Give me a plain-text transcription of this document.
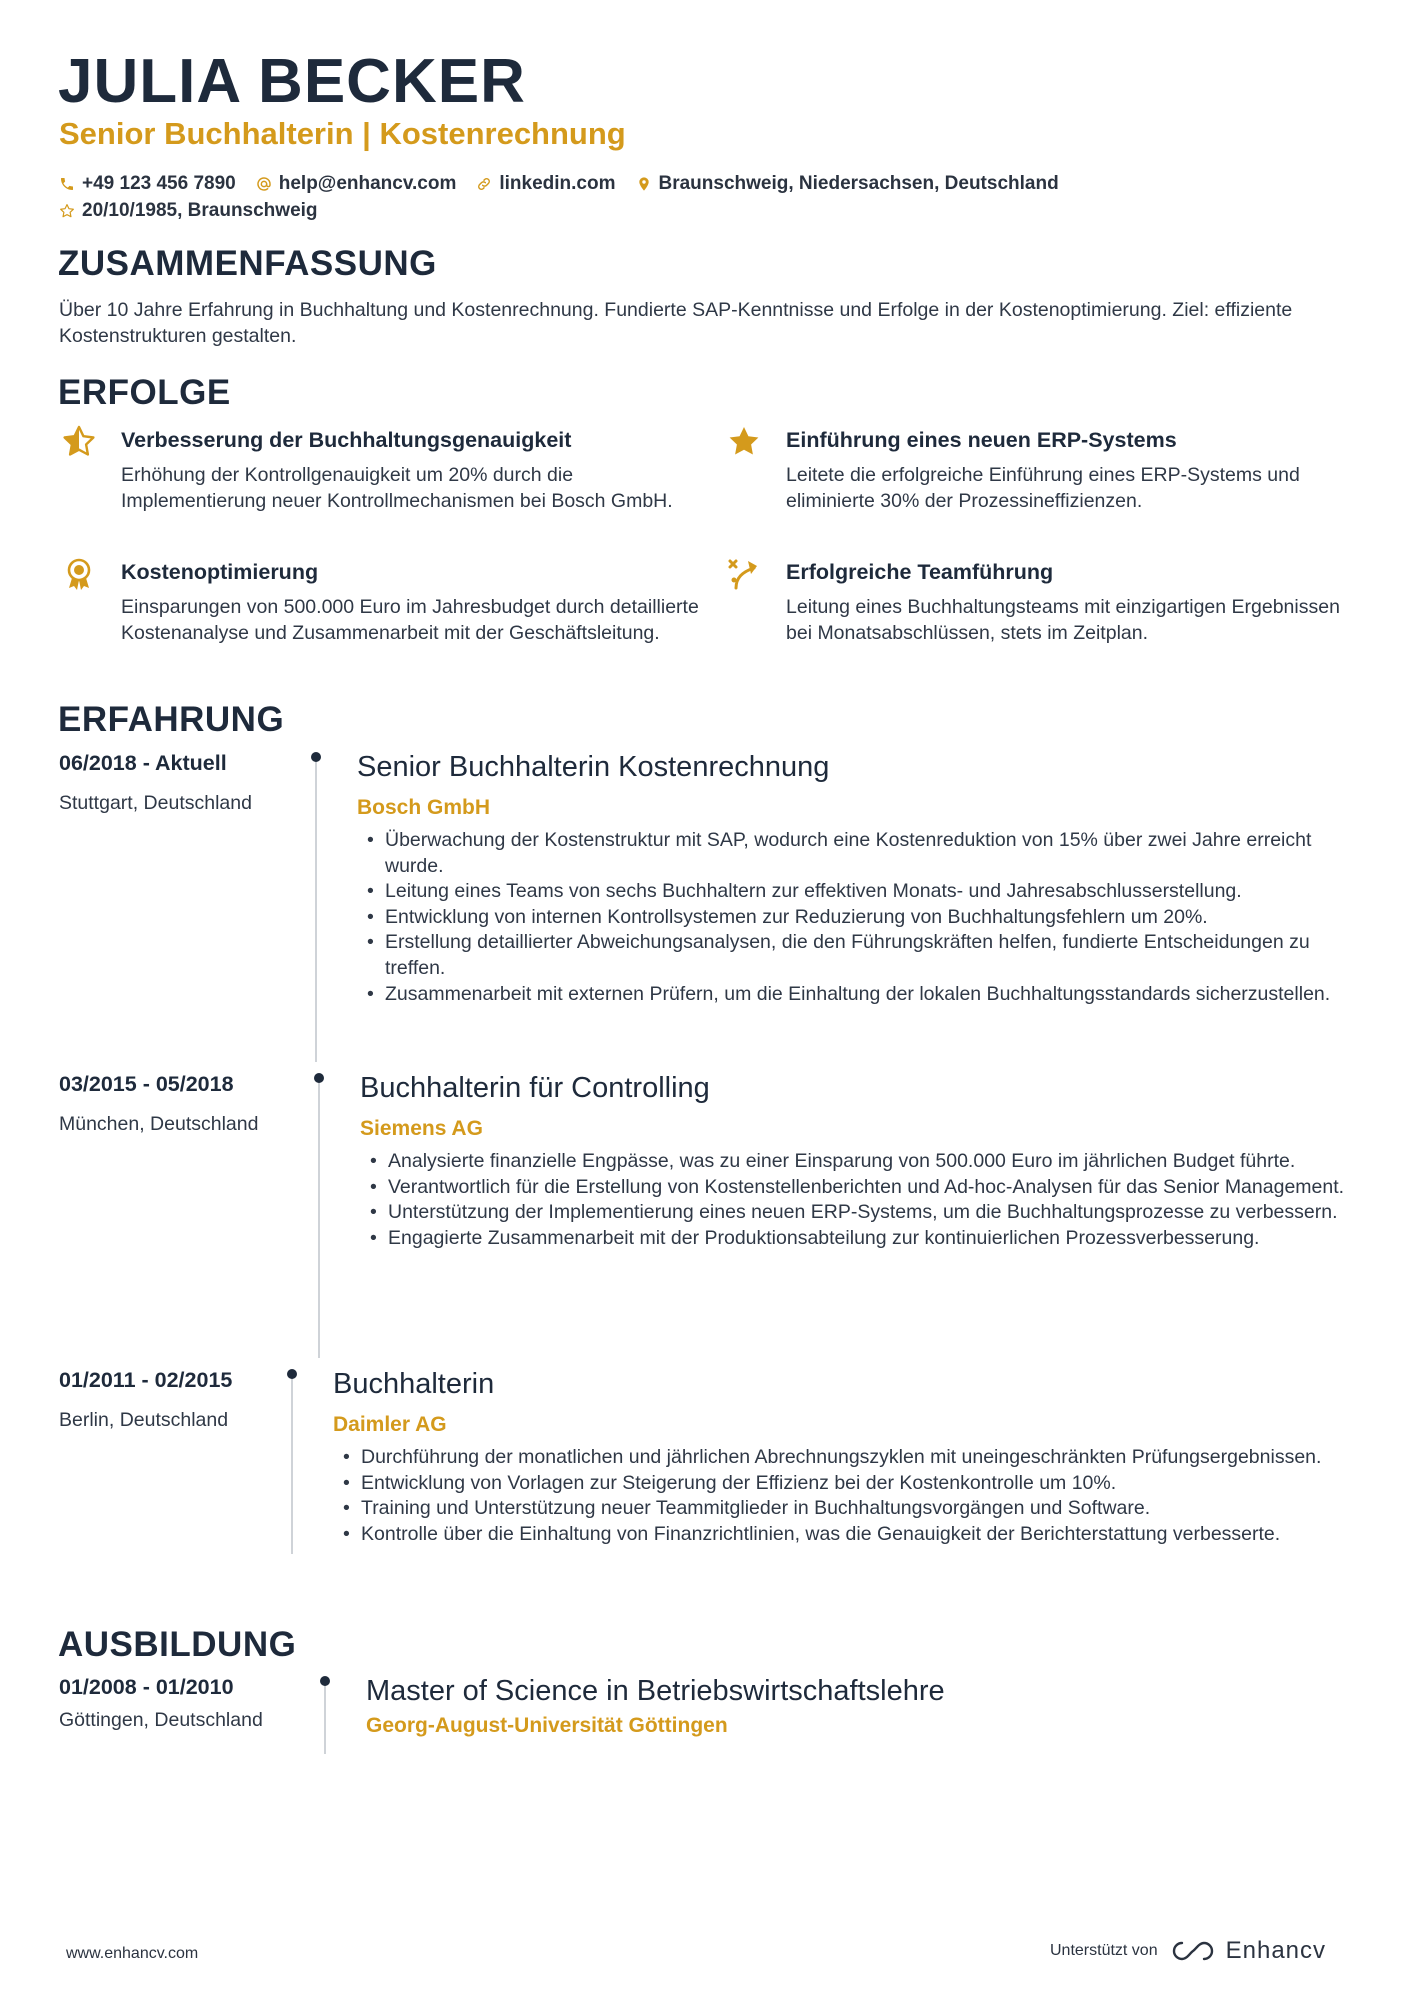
JULIA BECKER
Senior Buchhalterin | Kostenrechnung
+49 123 456 7890 help@enhancv.com linkedin.com Braunschweig, Niedersachsen, Deutschland
20/10/1985, Braunschweig
ZUSAMMENFASSUNG
Über 10 Jahre Erfahrung in Buchhaltung und Kostenrechnung. Fundierte SAP-Kenntnisse und Erfolge in der Kostenoptimierung. Ziel: effiziente Kostenstrukturen gestalten.
ERFOLGE
Verbesserung der Buchhaltungsgenauigkeit
Erhöhung der Kontrollgenauigkeit um 20% durch die Implementierung neuer Kontrollmechanismen bei Bosch GmbH.
Einführung eines neuen ERP-Systems
Leitete die erfolgreiche Einführung eines ERP-Systems und eliminierte 30% der Prozessineffizienzen.
Kostenoptimierung
Einsparungen von 500.000 Euro im Jahresbudget durch detaillierte Kostenanalyse und Zusammenarbeit mit der Geschäftsleitung.
Erfolgreiche Teamführung
Leitung eines Buchhaltungsteams mit einzigartigen Ergebnissen bei Monatsabschlüssen, stets im Zeitplan.
ERFAHRUNG
06/2018 - Aktuell
Stuttgart, Deutschland
Senior Buchhalterin Kostenrechnung
Bosch GmbH
• Überwachung der Kostenstruktur mit SAP, wodurch eine Kostenreduktion von 15% über zwei Jahre erreicht wurde.
• Leitung eines Teams von sechs Buchhaltern zur effektiven Monats- und Jahresabschlusserstellung.
• Entwicklung von internen Kontrollsystemen zur Reduzierung von Buchhaltungsfehlern um 20%.
• Erstellung detaillierter Abweichungsanalysen, die den Führungskräften helfen, fundierte Entscheidungen zu treffen.
• Zusammenarbeit mit externen Prüfern, um die Einhaltung der lokalen Buchhaltungsstandards sicherzustellen.
03/2015 - 05/2018
München, Deutschland
Buchhalterin für Controlling
Siemens AG
• Analysierte finanzielle Engpässe, was zu einer Einsparung von 500.000 Euro im jährlichen Budget führte.
• Verantwortlich für die Erstellung von Kostenstellenberichten und Ad-hoc-Analysen für das Senior Management.
• Unterstützung der Implementierung eines neuen ERP-Systems, um die Buchhaltungsprozesse zu verbessern.
• Engagierte Zusammenarbeit mit der Produktionsabteilung zur kontinuierlichen Prozessverbesserung.
01/2011 - 02/2015
Berlin, Deutschland
Buchhalterin
Daimler AG
• Durchführung der monatlichen und jährlichen Abrechnungszyklen mit uneingeschränkten Prüfungsergebnissen.
• Entwicklung von Vorlagen zur Steigerung der Effizienz bei der Kostenkontrolle um 10%.
• Training und Unterstützung neuer Teammitglieder in Buchhaltungsvorgängen und Software.
• Kontrolle über die Einhaltung von Finanzrichtlinien, was die Genauigkeit der Berichterstattung verbesserte.
AUSBILDUNG
01/2008 - 01/2010
Göttingen, Deutschland
Master of Science in Betriebswirtschaftslehre
Georg-August-Universität Göttingen
www.enhancv.com	Unterstützt von	Enhancv
